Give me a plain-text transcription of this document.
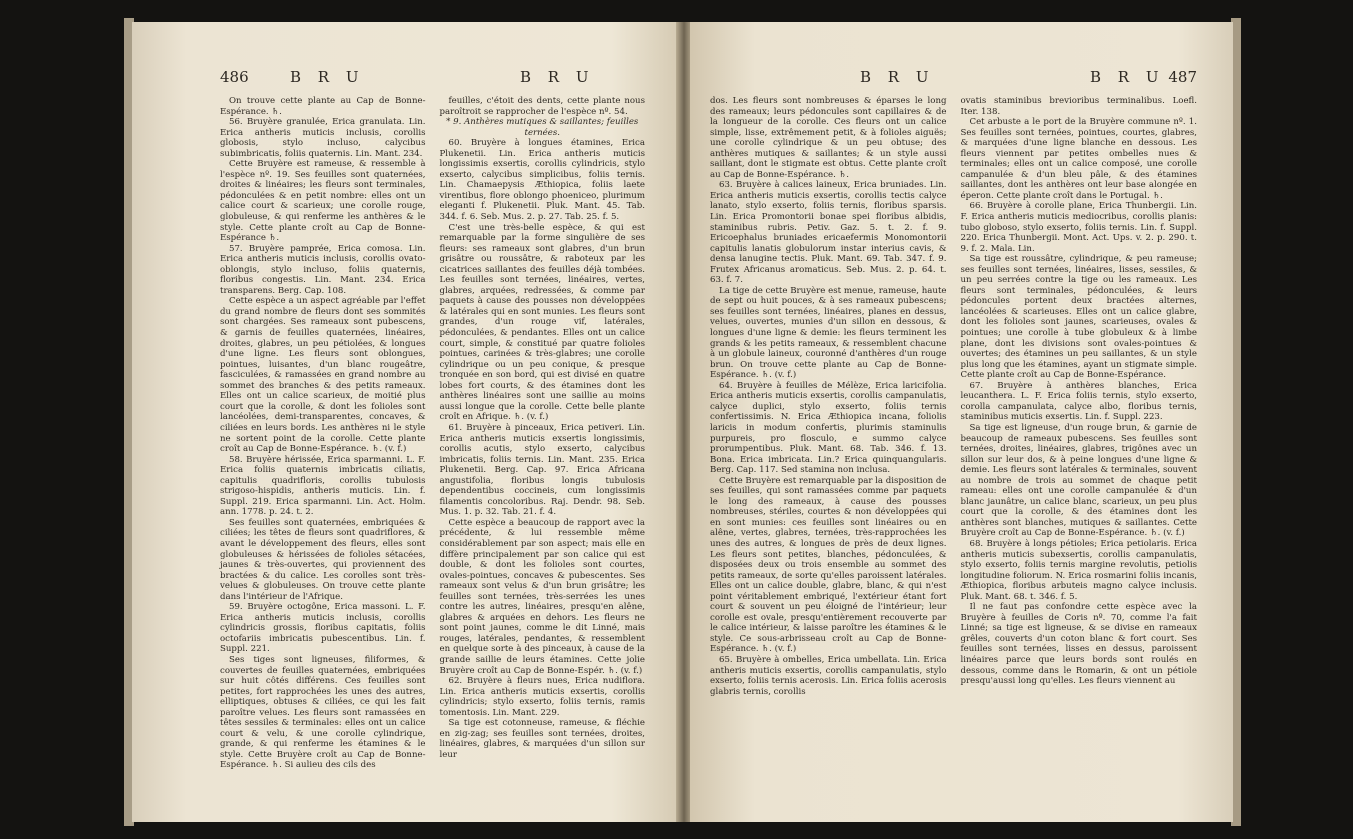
486	B R U	B R U

On trouve cette plante au Cap de Bonne-Espérance. ♄.

56. Bruyère granulée, Erica granulata. Lin. Erica antheris muticis inclusis, corollis globosis, stylo incluso, calycibus subimbricatis, foliis quaternis. Lin. Mant. 234.

Cette Bruyère est rameuse, & ressemble à l'espèce nº. 19. Ses feuilles sont quaternées, droites & linéaires; les fleurs sont terminales, pédonculées & en petit nombre: elles ont un calice court & scarieux; une corolle rouge, globuleuse, & qui renferme les anthères & le style. Cette plante croît au Cap de Bonne-Espérance ♄.

57. Bruyère pamprée, Erica comosa. Lin. Erica antheris muticis inclusis, corollis ovato-oblongis, stylo incluso, foliis quaternis, floribus congestis. Lin. Mant. 234. Erica transparens. Berg. Cap. 108.

Cette espèce a un aspect agréable par l'effet du grand nombre de fleurs dont ses sommités sont chargées. Ses rameaux sont pubescens, & garnis de feuilles quaternées, linéaires, droites, glabres, un peu pétiolées, & longues d'une ligne. Les fleurs sont oblongues, pointues, luisantes, d'un blanc rougeâtre, fasciculées, & ramassées en grand nombre au sommet des branches & des petits rameaux. Elles ont un calice scarieux, de moitié plus court que la corolle, & dont les folioles sont lancéolées, demi-transparentes, concaves, & ciliées en leurs bords. Les anthères ni le style ne sortent point de la corolle. Cette plante croît au Cap de Bonne-Espérance. ♄. (v. f.)

58. Bruyère hérissée, Erica sparmanni. L. F. Erica foliis quaternis imbricatis ciliatis, capitulis quadrifloris, corollis tubulosis strigoso-hispidis, antheris muticis. Lin. f. Suppl. 219. Erica sparmanni. Lin. Act. Holm. ann. 1778. p. 24. t. 2.

Ses feuilles sont quaternées, embriquées & ciliées; les têtes de fleurs sont quadriflores, & avant le développement des fleurs, elles sont globuleuses & hérissées de folioles sétacées, jaunes & très-ouvertes, qui proviennent des bractées & du calice. Les corolles sont très-velues & globuleuses. On trouve cette plante dans l'intérieur de l'Afrique.

59. Bruyère octogône, Erica massoni. L. F. Erica antheris muticis inclusis, corollis cylindricis grossis, floribus capitatis, foliis octofariis imbricatis pubescentibus. Lin. f. Suppl. 221.

Ses tiges sont ligneuses, filiformes, & couvertes de feuilles quaternées, embriquées sur huit côtés différens. Ces feuilles sont petites, fort rapprochées les unes des autres, elliptiques, obtuses & ciliées, ce qui les fait paroître velues. Les fleurs sont ramassées en têtes sessiles & terminales: elles ont un calice court & velu, & une corolle cylindrique, grande, & qui renferme les étamines & le style. Cette Bruyère croît au Cap de Bonne-Espérance. ♄. Si aulieu des cils des

feuilles, c'étoit des dents, cette plante nous paroîtroit se rapprocher de l'espèce nº. 54.

* 9. Anthères mutiques & saillantes; feuilles ternées.

60. Bruyère à longues étamines, Erica Plukenetii. Lin. Erica antheris muticis longissimis exsertis, corollis cylindricis, stylo exserto, calycibus simplicibus, foliis ternis. Lin. Chamaepysis Æthiopica, foliis laete virentibus, flore oblongo phoeniceo, plurimum eleganti f. Plukenetii. Pluk. Mant. 45. Tab. 344. f. 6. Seb. Mus. 2. p. 27. Tab. 25. f. 5.

C'est une très-belle espèce, & qui est remarquable par la forme singulière de ses fleurs: ses rameaux sont glabres, d'un brun grisâtre ou roussâtre, & raboteux par les cicatrices saillantes des feuilles déjà tombées. Les feuilles sont ternées, linéaires, vertes, glabres, arquées, redressées, & comme par paquets à cause des pousses non développées & latérales qui en sont munies. Les fleurs sont grandes, d'un rouge vif, latérales, pédonculées, & pendantes. Elles ont un calice court, simple, & constitué par quatre folioles pointues, carinées & très-glabres; une corolle cylindrique ou un peu conique, & presque tronquée en son bord, qui est divisé en quatre lobes fort courts, & des étamines dont les anthères linéaires sont une saillie au moins aussi longue que la corolle. Cette belle plante croît en Afrique. ♄. (v. f.)

61. Bruyère à pinceaux, Erica petiveri. Lin. Erica antheris muticis exsertis longissimis, corollis acutis, stylo exserto, calycibus imbricatis, foliis ternis. Lin. Mant. 235. Erica Plukenetii. Berg. Cap. 97. Erica Africana angustifolia, floribus longis tubulosis dependentibus coccineis, cum longissimis filamentis concoloribus. Raj. Dendr. 98. Seb. Mus. 1. p. 32. Tab. 21. f. 4.

Cette espèce a beaucoup de rapport avec la précédente, & lui ressemble même considérablement par son aspect; mais elle en diffère principalement par son calice qui est double, & dont les folioles sont courtes, ovales-pointues, concaves & pubescentes. Ses rameaux sont velus & d'un brun grisâtre; les feuilles sont ternées, très-serrées les unes contre les autres, linéaires, presqu'en alêne, glabres & arquées en dehors. Les fleurs ne sont point jaunes, comme le dit Linné, mais rouges, latérales, pendantes, & ressemblent en quelque sorte à des pinceaux, à cause de la grande saillie de leurs étamines. Cette jolie Bruyère croît au Cap de Bonne-Espér. ♄. (v. f.)

62. Bruyère à fleurs nues, Erica nudiflora. Lin. Erica antheris muticis exsertis, corollis cylindricis; stylo exserto, foliis ternis, ramis tomentosis. Lin. Mant. 229.

Sa tige est cotonneuse, rameuse, & fléchie en zig-zag; ses feuilles sont ternées, droites, linéaires, glabres, & marquées d'un sillon sur leur

B R U	B R U 487

dos. Les fleurs sont nombreuses & éparses le long des rameaux; leurs pédoncules sont capillaires & de la longueur de la corolle. Ces fleurs ont un calice simple, lisse, extrêmement petit, & à folioles aiguës; une corolle cylindrique & un peu obtuse; des anthères mutiques & saillantes; & un style aussi saillant, dont le stigmate est obtus. Cette plante croît au Cap de Bonne-Espérance. ♄.

63. Bruyère à calices laineux, Erica bruniades. Lin. Erica antheris muticis exsertis, corollis tectis calyce lanato, stylo exserto, foliis ternis, floribus sparsis. Lin. Erica Promontorii bonae spei floribus albidis, staminibus rubris. Petiv. Gaz. 5. t. 2. f. 9. Ericoephalus bruniades ericaefermis Monomontorii capitulis lanatis globulorum instar interius cavis, & densa lanugine tectis. Pluk. Mant. 69. Tab. 347. f. 9. Frutex Africanus aromaticus. Seb. Mus. 2. p. 64. t. 63. f. 7.

La tige de cette Bruyère est menue, rameuse, haute de sept ou huit pouces, & à ses rameaux pubescens; ses feuilles sont ternées, linéaires, planes en dessus, velues, ouvertes, munies d'un sillon en dessous, & longues d'une ligne & demie: les fleurs terminent les grands & les petits rameaux, & ressemblent chacune à un globule laineux, couronné d'anthères d'un rouge brun. On trouve cette plante au Cap de Bonne-Espérance. ♄. (v. f.)

64. Bruyère à feuilles de Mélèze, Erica laricifolia. Erica antheris muticis exsertis, corollis campanulatis, calyce duplici, stylo exserto, foliis ternis confertissimis. N. Erica Æthiopica incana, foliolis laricis in modum confertis, plurimis staminulis purpureis, pro flosculo, e summo calyce prorumpentibus. Pluk. Mant. 68. Tab. 346. f. 13. Bona. Erica imbricata. Lin.? Erica quinquangularis. Berg. Cap. 117. Sed stamina non inclusa.

Cette Bruyère est remarquable par la disposition de ses feuilles, qui sont ramassées comme par paquets le long des rameaux, à cause des pousses nombreuses, stériles, courtes & non développées qui en sont munies: ces feuilles sont linéaires ou en alêne, vertes, glabres, ternées, très-rapprochées les unes des autres, & longues de près de deux lignes. Les fleurs sont petites, blanches, pédonculées, & disposées deux ou trois ensemble au sommet des petits rameaux, de sorte qu'elles paroissent latérales. Elles ont un calice double, glabre, blanc, & qui n'est point véritablement embriqué, l'extérieur étant fort court & souvent un peu éloigné de l'intérieur; leur corolle est ovale, presqu'entièrement recouverte par le calice intérieur, & laisse paroître les étamines & le style. Ce sous-arbrisseau croît au Cap de Bonne-Espérance. ♄. (v. f.)

65. Bruyère à ombelles, Erica umbellata. Lin. Erica antheris muticis exsertis, corollis campanulatis, stylo exserto, foliis ternis acerosis. Lin. Erica foliis acerosis glabris ternis, corollis

ovatis staminibus brevioribus terminalibus. Loefl. Iter. 138.

Cet arbuste a le port de la Bruyère commune nº. 1. Ses feuilles sont ternées, pointues, courtes, glabres, & marquées d'une ligne blanche en dessous. Les fleurs viennent par petites ombelles nues & terminales; elles ont un calice composé, une corolle campanulée & d'un bleu pâle, & des étamines saillantes, dont les anthères ont leur base alongée en éperon. Cette plante croît dans le Portugal. ♄.

66. Bruyère à corolle plane, Erica Thunbergii. Lin. F. Erica antheris muticis mediocribus, corollis planis: tubo globoso, stylo exserto, foliis ternis. Lin. f. Suppl. 220. Erica Thunbergii. Mont. Act. Ups. v. 2. p. 290. t. 9. f. 2. Mala. Lin.

Sa tige est roussâtre, cylindrique, & peu rameuse; ses feuilles sont ternées, linéaires, lisses, sessiles, & un peu serrées contre la tige ou les rameaux. Les fleurs sont terminales, pédonculées, & leurs pédoncules portent deux bractées alternes, lancéolées & scarieuses. Elles ont un calice glabre, dont les folioles sont jaunes, scarieuses, ovales & pointues; une corolle à tube globuleux & à limbe plane, dont les divisions sont ovales-pointues & ouvertes; des étamines un peu saillantes, & un style plus long que les étamines, ayant un stigmate simple. Cette plante croît au Cap de Bonne-Espérance.

67. Bruyère à anthères blanches, Erica leucanthera. L. F. Erica foliis ternis, stylo exserto, corolla campanulata, calyce albo, floribus ternis, staminibus muticis exsertis. Lin. f. Suppl. 223.

Sa tige est ligneuse, d'un rouge brun, & garnie de beaucoup de rameaux pubescens. Ses feuilles sont ternées, droites, linéaires, glabres, trigônes avec un sillon sur leur dos, & à peine longues d'une ligne & demie. Les fleurs sont latérales & terminales, souvent au nombre de trois au sommet de chaque petit rameau: elles ont une corolle campanulée & d'un blanc jaunâtre, un calice blanc, scarieux, un peu plus court que la corolle, & des étamines dont les anthères sont blanches, mutiques & saillantes. Cette Bruyère croît au Cap de Bonne-Espérance. ♄. (v. f.)

68. Bruyère à longs pétioles; Erica petiolaris. Erica antheris muticis subexsertis, corollis campanulatis, stylo exserto, foliis ternis margine revolutis, petiolis longitudine foliorum. N. Erica rosmarini foliis incanis, Æthiopica, floribus arbuteis magno calyce inclusis. Pluk. Mant. 68. t. 346. f. 5.

Il ne faut pas confondre cette espèce avec la Bruyère à feuilles de Coris nº. 70, comme l'a fait Linné; sa tige est ligneuse, & se divise en rameaux grêles, couverts d'un coton blanc & fort court. Ses feuilles sont ternées, lisses en dessus, paroissent linéaires parce que leurs bords sont roulés en dessous, comme dans le Romarin, & ont un pétiole presqu'aussi long qu'elles. Les fleurs viennent au
